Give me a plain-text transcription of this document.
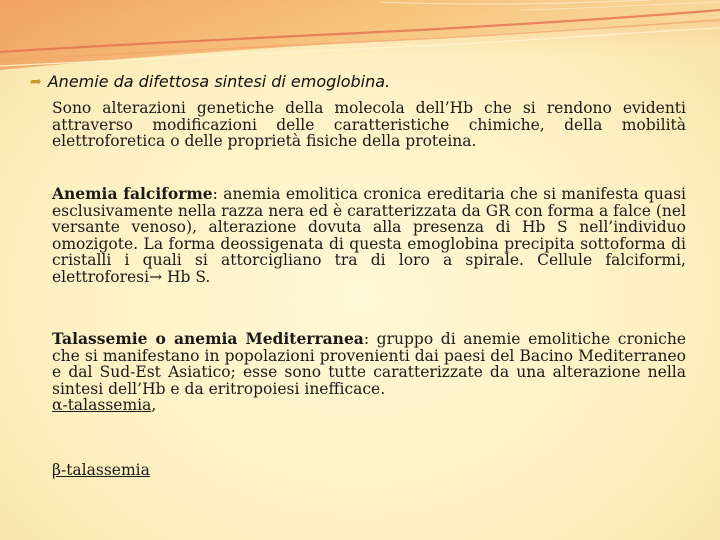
➦ Anemie da difettosa sintesi di emoglobina.
Sono alterazioni genetiche della molecola dell’Hb che si rendono evidenti attraverso modificazioni delle caratteristiche chimiche, della mobilità elettroforetica o delle proprietà fisiche della proteina.
Anemia falciforme: anemia emolitica cronica ereditaria che si manifesta quasi esclusivamente nella razza nera ed è caratterizzata da GR con forma a falce (nel versante venoso), alterazione dovuta alla presenza di Hb S nell’individuo omozigote. La forma deossigenata di questa emoglobina precipita sottoforma di cristalli i quali si attorcigliano tra di loro a spirale. Cellule falciformi, elettroforesi→ Hb S.
Talassemie o anemia Mediterranea: gruppo di anemie emolitiche croniche che si manifestano in popolazioni provenienti dai paesi del Bacino Mediterraneo e dal Sud-Est Asiatico; esse sono tutte caratterizzate da una alterazione nella sintesi dell’Hb e da eritropoiesi inefficace.
α-talassemia,
β-talassemia
